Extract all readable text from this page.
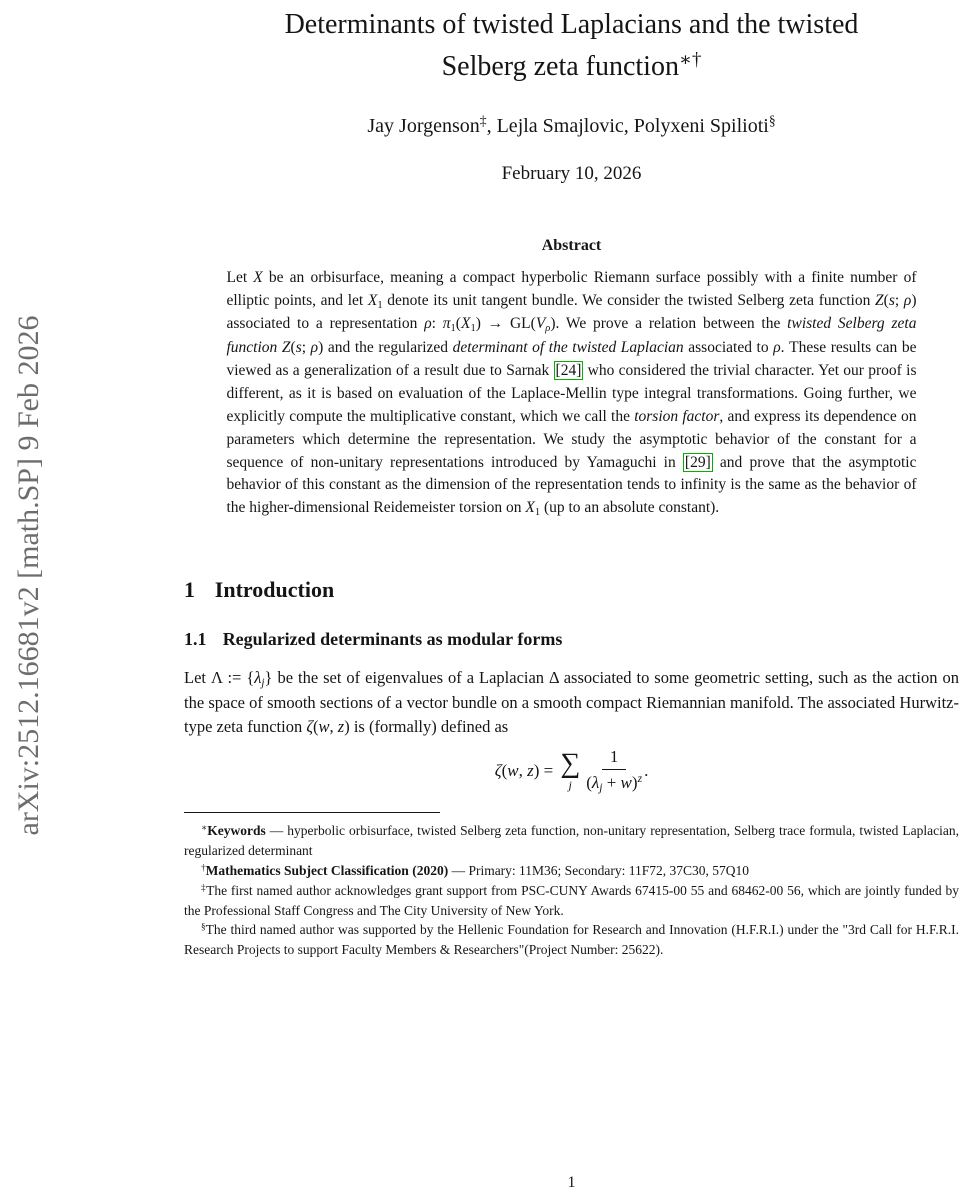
arXiv:2512.16681v2 [math.SP] 9 Feb 2026
Determinants of twisted Laplacians and the twisted
Selberg zeta function∗†
Jay Jorgenson‡, Lejla Smajlovic, Polyxeni Spilioti§
February 10, 2026
Abstract
Let X be an orbisurface, meaning a compact hyperbolic Riemann surface possibly with a finite number of elliptic points, and let X1 denote its unit tangent bundle. We consider the twisted Selberg zeta function Z(s; ρ) associated to a representation ρ: π1(X1) → GL(Vρ). We prove a relation between the twisted Selberg zeta function Z(s; ρ) and the regularized determinant of the twisted Laplacian associated to ρ. These results can be viewed as a generalization of a result due to Sarnak [24] who considered the trivial character. Yet our proof is different, as it is based on evaluation of the Laplace-Mellin type integral transformations. Going further, we explicitly compute the multiplicative constant, which we call the torsion factor, and express its dependence on parameters which determine the representation. We study the asymptotic behavior of the constant for a sequence of non-unitary representations introduced by Yamaguchi in [29] and prove that the asymptotic behavior of this constant as the dimension of the representation tends to infinity is the same as the behavior of the higher-dimensional Reidemeister torsion on X1 (up to an absolute constant).
1 Introduction
1.1 Regularized determinants as modular forms
Let Λ := {λj} be the set of eigenvalues of a Laplacian Δ associated to some geometric setting, such as the action on the space of smooth sections of a vector bundle on a smooth compact Riemannian manifold. The associated Hurwitz-type zeta function ζ(w, z) is (formally) defined as
ζ(w, z) = ∑
j $\frac{1}{(\lambda j + w)^z}$ .
∗Keywords — hyperbolic orbisurface, twisted Selberg zeta function, non-unitary representation, Selberg trace formula, twisted Laplacian, regularized determinant
†Mathematics Subject Classification (2020) — Primary: 11M36; Secondary: 11F72, 37C30, 57Q10
‡The first named author acknowledges grant support from PSC-CUNY Awards 67415-00 55 and 68462-00 56, which are jointly funded by the Professional Staff Congress and The City University of New York.
§The third named author was supported by the Hellenic Foundation for Research and Innovation (H.F.R.I.) under the "3rd Call for H.F.R.I. Research Projects to support Faculty Members & Researchers"(Project Number: 25622).
1
